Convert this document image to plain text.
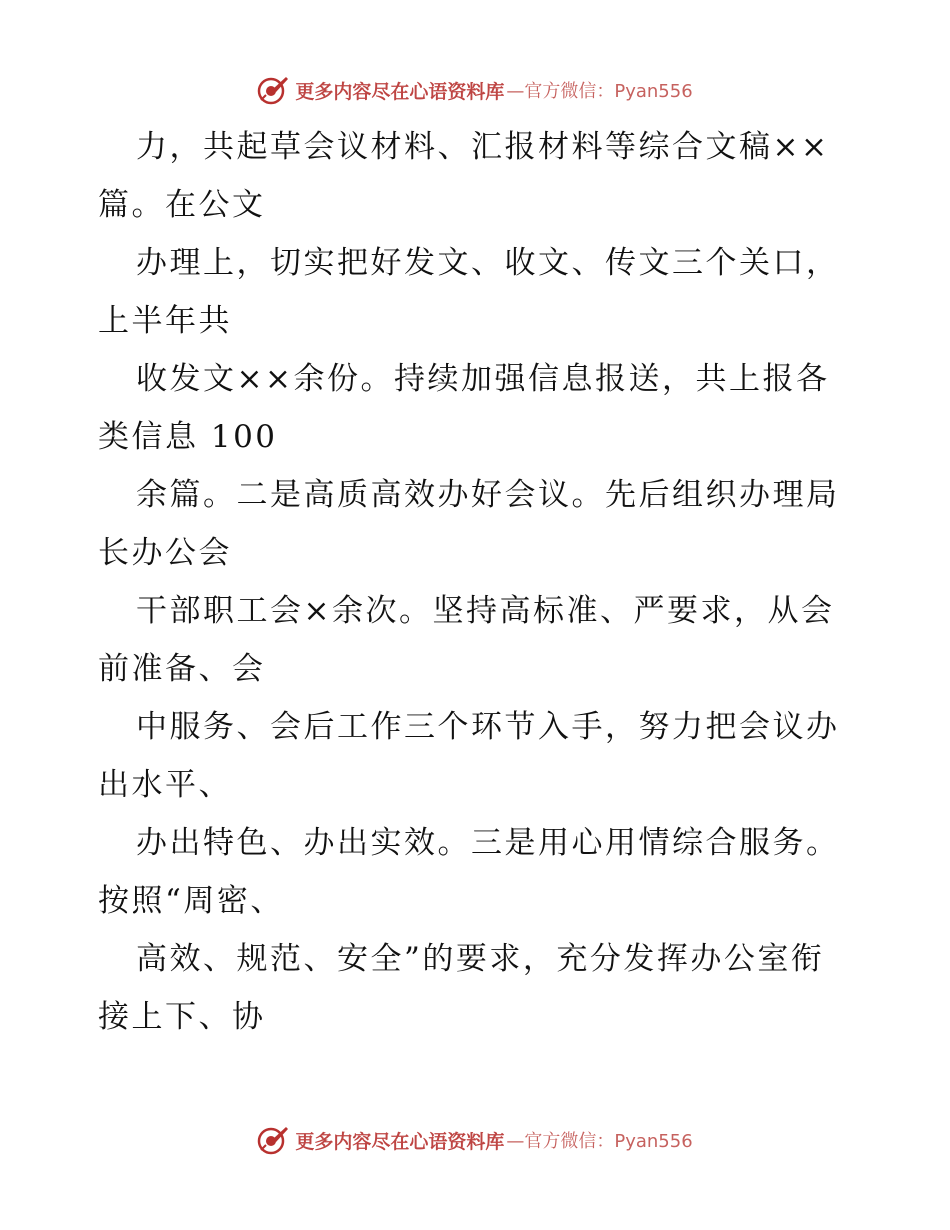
更多内容尽在心语资料库 —官方微信：Pyan556
力，共起草会议材料、汇报材料等综合文稿××
篇。在公文
办理上，切实把好发文、收文、传文三个关口，
上半年共
收发文××余份。持续加强信息报送，共上报各
类信息 100
余篇。二是高质高效办好会议。先后组织办理局
长办公会
干部职工会×余次。坚持高标准、严要求，从会
前准备、会
中服务、会后工作三个环节入手，努力把会议办
出水平、
办出特色、办出实效。三是用心用情综合服务。
按照“周密、
高效、规范、安全”的要求，充分发挥办公室衔
接上下、协
更多内容尽在心语资料库 —官方微信：Pyan556
